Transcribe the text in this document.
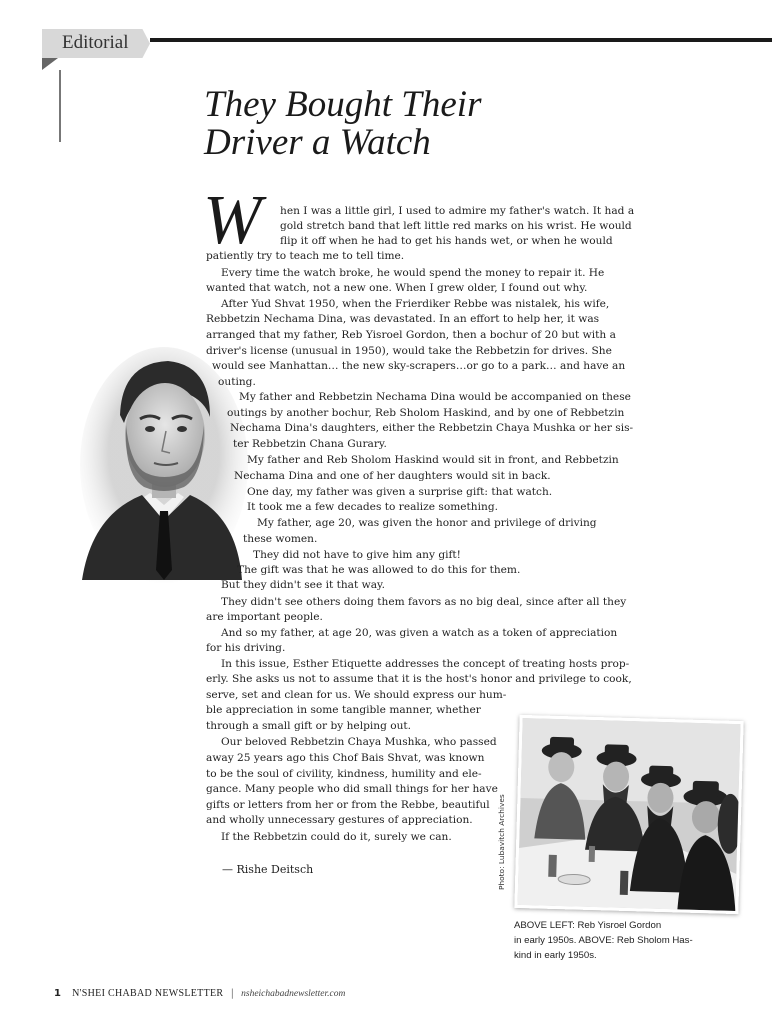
Editorial
They Bought Their
Driver a Watch
W hen I was a little girl, I used to admire my father's watch. It had a
gold stretch band that left little red marks on his wrist. He would
flip it off when he had to get his hands wet, or when he would
patiently try to teach me to tell time.
Every time the watch broke, he would spend the money to repair it. He
wanted that watch, not a new one. When I grew older, I found out why.
After Yud Shvat 1950, when the Frierdiker Rebbe was nistalek, his wife,
Rebbetzin Nechama Dina, was devastated. In an effort to help her, it was
arranged that my father, Reb Yisroel Gordon, then a bochur of 20 but with a
driver's license (unusual in 1950), would take the Rebbetzin for drives. She
would see Manhattan… the new sky-scrapers…or go to a park… and have an
outing.
My father and Rebbetzin Nechama Dina would be accompanied on these
outings by another bochur, Reb Sholom Haskind, and by one of Rebbetzin
Nechama Dina's daughters, either the Rebbetzin Chaya Mushka or her sis-
ter Rebbetzin Chana Gurary.
My father and Reb Sholom Haskind would sit in front, and Rebbetzin
Nechama Dina and one of her daughters would sit in back.
One day, my father was given a surprise gift: that watch.
It took me a few decades to realize something.
My father, age 20, was given the honor and privilege of driving
these women.
They did not have to give him any gift!
The gift was that he was allowed to do this for them.
But they didn't see it that way.
They didn't see others doing them favors as no big deal, since after all they
are important people.
And so my father, at age 20, was given a watch as a token of appreciation
for his driving.
In this issue, Esther Etiquette addresses the concept of treating hosts prop-
erly. She asks us not to assume that it is the host's honor and privilege to cook,
serve, set and clean for us. We should express our hum-
ble appreciation in some tangible manner, whether
through a small gift or by helping out.
Our beloved Rebbetzin Chaya Mushka, who passed
away 25 years ago this Chof Bais Shvat, was known
to be the soul of civility, kindness, humility and ele-
gance. Many people who did small things for her have
gifts or letters from her or from the Rebbe, beautiful
and wholly unnecessary gestures of appreciation.
If the Rebbetzin could do it, surely we can.
— Rishe Deitsch	Photo: Lubavitch Archives
ABOVE LEFT: Reb Yisroel Gordon
in early 1950s. ABOVE: Reb Sholom Has-
kind in early 1950s.
1 N'SHEI CHABAD NEWSLETTER | nsheichabadnewsletter.com
